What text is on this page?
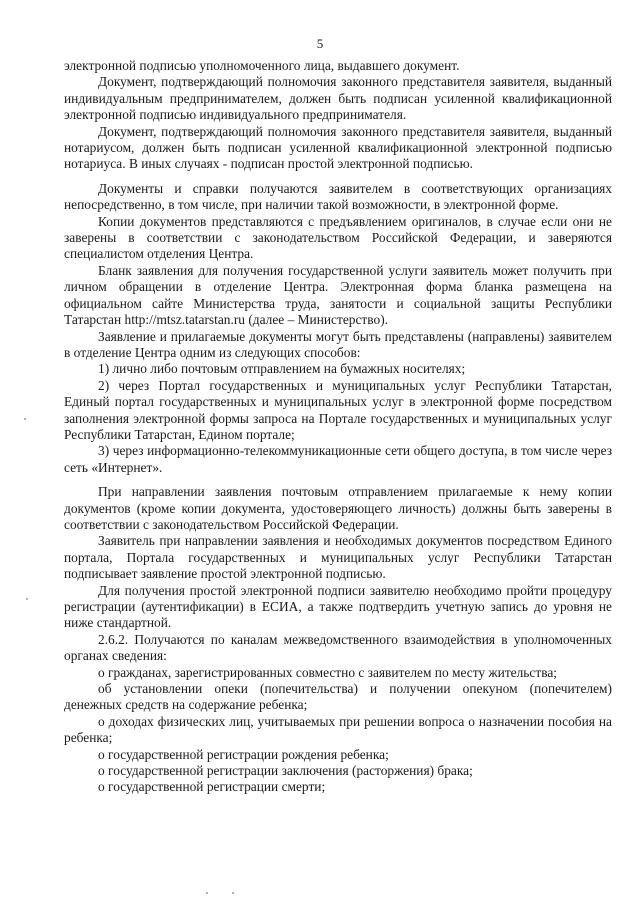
5

электронной подписью уполномоченного лица, выдавшего документ.

Документ, подтверждающий полномочия законного представителя заявителя, выданный индивидуальным предпринимателем, должен быть подписан усиленной квалификационной электронной подписью индивидуального предпринимателя.

Документ, подтверждающий полномочия законного представителя заявителя, выданный нотариусом, должен быть подписан усиленной квалификационной электронной подписью нотариуса. В иных случаях - подписан простой электронной подписью.

Документы и справки получаются заявителем в соответствующих организациях непосредственно, в том числе, при наличии такой возможности, в электронной форме.

Копии документов представляются с предъявлением оригиналов, в случае если они не заверены в соответствии с законодательством Российской Федерации, и заверяются специалистом отделения Центра.

Бланк заявления для получения государственной услуги заявитель может получить при личном обращении в отделение Центра. Электронная форма бланка размещена на официальном сайте Министерства труда, занятости и социальной защиты Республики Татарстан http://mtsz.tatarstan.ru (далее – Министерство).

Заявление и прилагаемые документы могут быть представлены (направлены) заявителем в отделение Центра одним из следующих способов:

1) лично либо почтовым отправлением на бумажных носителях;

2) через Портал государственных и муниципальных услуг Республики Татарстан, Единый портал государственных и муниципальных услуг в электронной форме посредством заполнения электронной формы запроса на Портале государственных и муниципальных услуг Республики Татарстан, Едином портале;

3) через информационно-телекоммуникационные сети общего доступа, в том числе через сеть «Интернет».

При направлении заявления почтовым отправлением прилагаемые к нему копии документов (кроме копии документа, удостоверяющего личность) должны быть заверены в соответствии с законодательством Российской Федерации.

Заявитель при направлении заявления и необходимых документов посредством Единого портала, Портала государственных и муниципальных услуг Республики Татарстан подписывает заявление простой электронной подписью.

Для получения простой электронной подписи заявителю необходимо пройти процедуру регистрации (аутентификации) в ЕСИА, а также подтвердить учетную запись до уровня не ниже стандартной.

2.6.2. Получаются по каналам межведомственного взаимодействия в уполномоченных органах сведения:

о гражданах, зарегистрированных совместно с заявителем по месту жительства;

об установлении опеки (попечительства) и получении опекуном (попечителем) денежных средств на содержание ребенка;

о доходах физических лиц, учитываемых при решении вопроса о назначении пособия на ребенка;

о государственной регистрации рождения ребенка;

о государственной регистрации заключения (расторжения) брака;

о государственной регистрации смерти;
